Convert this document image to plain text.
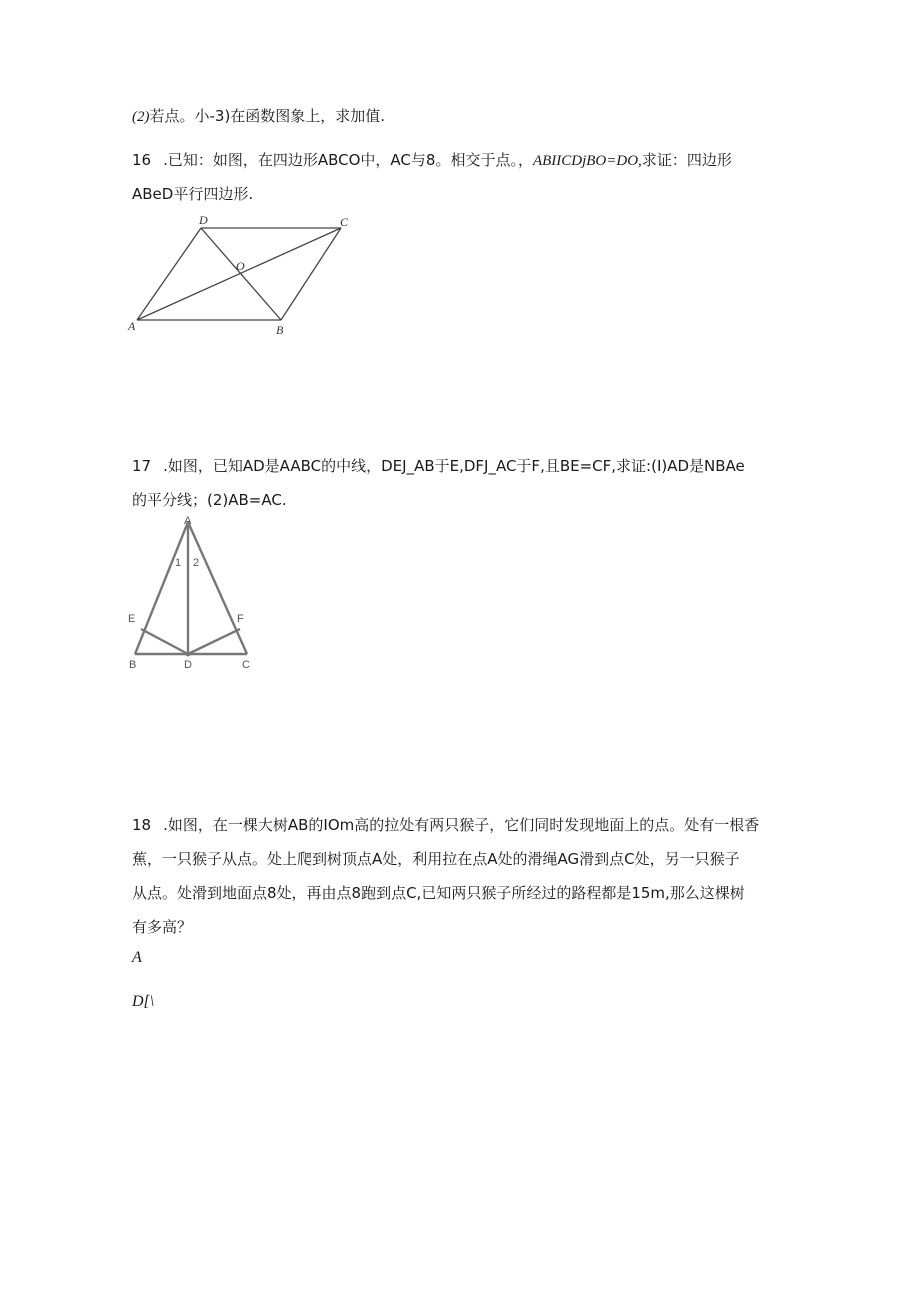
(2)若点。小-3)在函数图象上，求加值.
16 .已知：如图，在四边形ABCO中，AC与8。相交于点。，ABIICDjBO=DO,求证：四边形
ABeD平行四边形.
A	B
C
D
O
17 .如图，已知AD是AABC的中线，DEJ_AB于E,DFJ_AC于F,且BE=CF,求证:(I)AD是NBAe
的平分线；(2)AB=AC.
A
1 2
E	F
B	D	C
18 .如图，在一棵大树AB的IOm高的拉处有两只猴子，它们同时发现地面上的点。处有一根香
蕉，一只猴子从点。处上爬到树顶点A处，利用拉在点A处的滑绳AG滑到点C处，另一只猴子
从点。处滑到地面点8处，再由点8跑到点C,已知两只猴子所经过的路程都是15m,那么这棵树
有多高？
A
D[\
